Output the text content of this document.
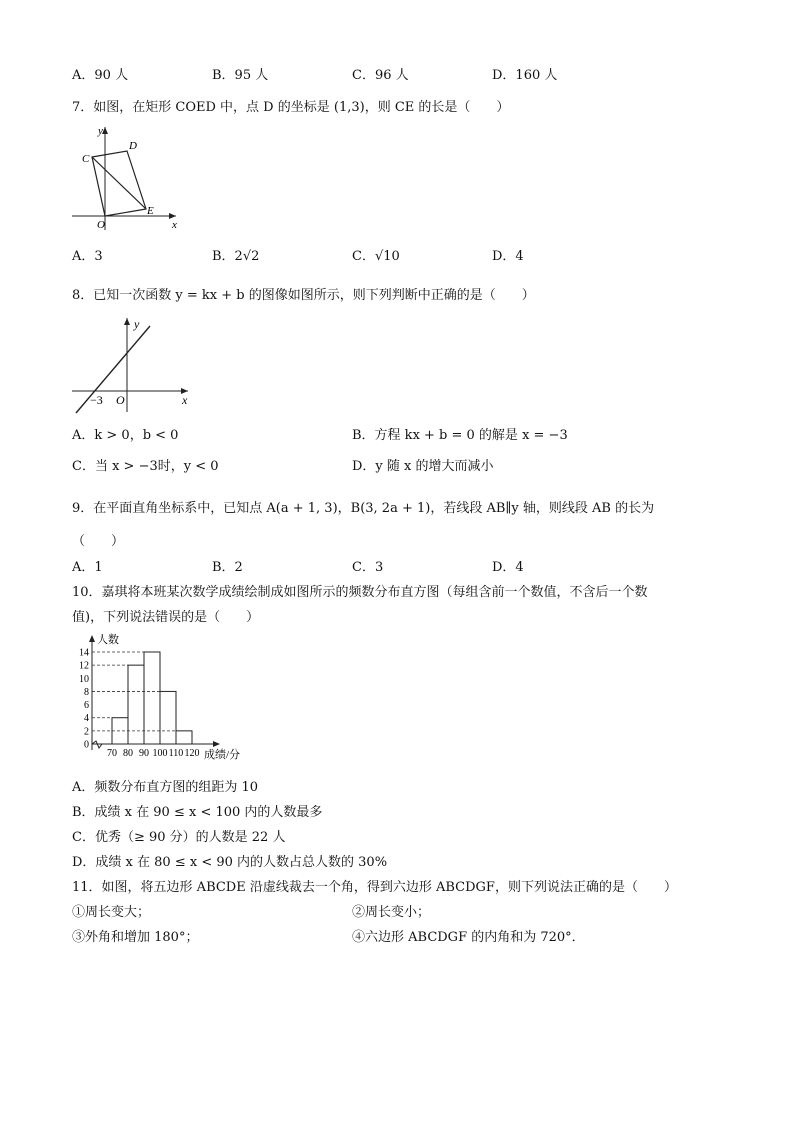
A．90 人	B．95 人	C．96 人	D．160 人
7．如图，在矩形 COED 中，点 D 的坐标是 (1,3)，则 CE 的长是（　　）
y
x
C
D
O
E
A．3	B．2√2	C．√10	D．4
8．已知一次函数 y = kx + b 的图像如图所示，则下列判断中正确的是（　　）
y
x
O
−3
A．k > 0，b < 0	B．方程 kx + b = 0 的解是 x = −3
C．当 x > −3时，y < 0	D．y 随 x 的增大而减小
9．在平面直角坐标系中，已知点 A(a + 1, 3)，B(3, 2a + 1)，若线段 AB∥y 轴，则线段 AB 的长为
（　　）
A．1	B．2	C．3	D．4
10．嘉琪将本班某次数学成绩绘制成如图所示的频数分布直方图（每组含前一个数值，不含后一个数
值)，下列说法错误的是（　　）
人数
成绩/分
0
2
4
6
8
10
12
14
70 80 90 100 110 120
A．频数分布直方图的组距为 10
B．成绩 x 在 90 ≤ x < 100 内的人数最多
C．优秀（≥ 90 分）的人数是 22 人
D．成绩 x 在 80 ≤ x < 90 内的人数占总人数的 30%
11．如图，将五边形 ABCDE 沿虚线裁去一个角，得到六边形 ABCDGF，则下列说法正确的是（　　）
①周长变大；	②周长变小；
③外角和增加 180°；	④六边形 ABCDGF 的内角和为 720°．
